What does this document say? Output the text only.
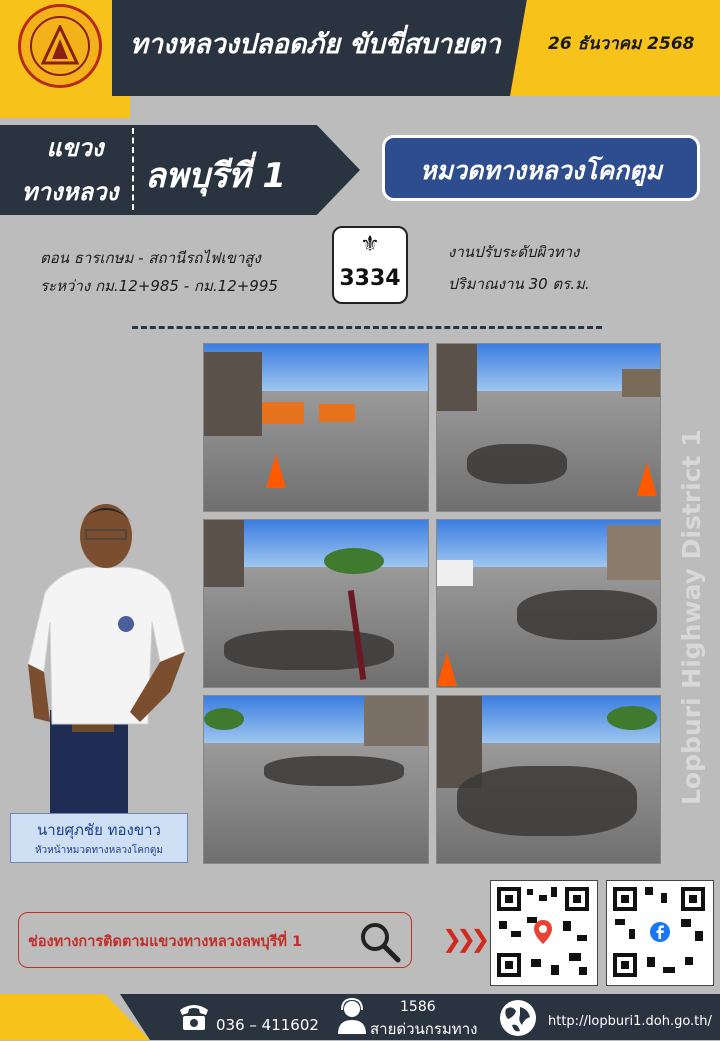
ทางหลวงปลอดภัย ขับขี่สบายตา	26 ธันวาคม 2568
แขวง
ทางหลวง ลพบุรีที่ 1	หมวดทางหลวงโคกตูม
ตอน ธารเกษม - สถานีรถไฟเขาสูง
ระหว่าง กม.12+985 - กม.12+995
⚜
3334
งานปรับระดับผิวทาง
ปริมาณงาน 30 ตร.ม.
นายศุภชัย ทองขาว
หัวหน้าหมวดทางหลวงโคกตูม
Lopburi Highway District 1
ช่องทางการติดตามแขวงทางหลวงลพบุรีที่ 1	❯❯❯
036 – 411602
1586
สายด่วนกรมทาง	http://lopburi1.doh.go.th/
